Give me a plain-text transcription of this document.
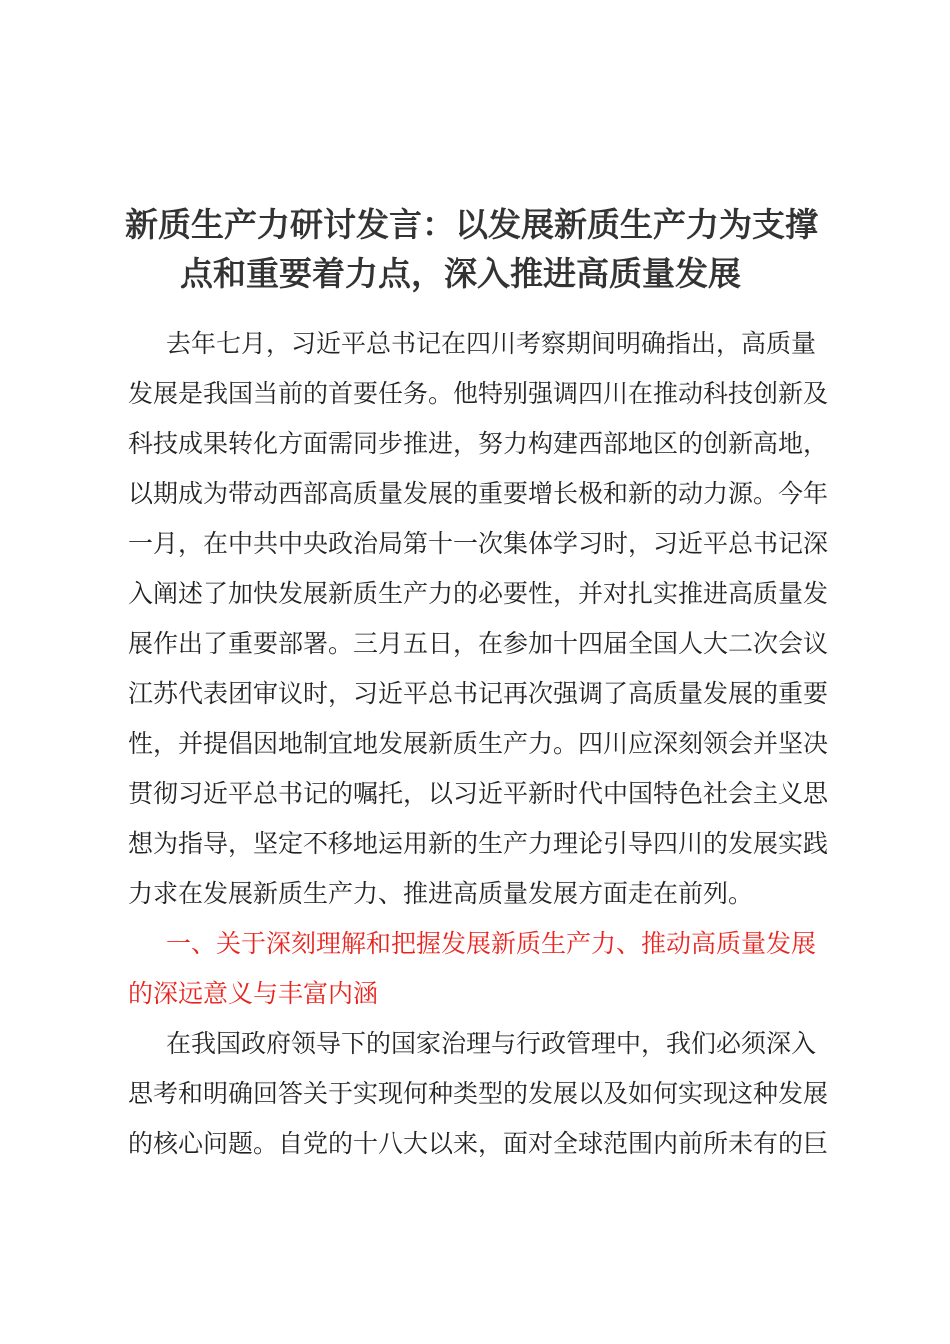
新质生产力研讨发言：以发展新质生产力为支撑
点和重要着力点，深入推进高质量发展
去年七月，习近平总书记在四川考察期间明确指出，高质量
发展是我国当前的首要任务。他特别强调四川在推动科技创新及
科技成果转化方面需同步推进，努力构建西部地区的创新高地，
以期成为带动西部高质量发展的重要增长极和新的动力源。今年
一月，在中共中央政治局第十一次集体学习时，习近平总书记深
入阐述了加快发展新质生产力的必要性，并对扎实推进高质量发
展作出了重要部署。三月五日，在参加十四届全国人大二次会议
江苏代表团审议时，习近平总书记再次强调了高质量发展的重要
性，并提倡因地制宜地发展新质生产力。四川应深刻领会并坚决
贯彻习近平总书记的嘱托，以习近平新时代中国特色社会主义思
想为指导，坚定不移地运用新的生产力理论引导四川的发展实践
力求在发展新质生产力、推进高质量发展方面走在前列。
一、关于深刻理解和把握发展新质生产力、推动高质量发展
的深远意义与丰富内涵
在我国政府领导下的国家治理与行政管理中，我们必须深入
思考和明确回答关于实现何种类型的发展以及如何实现这种发展
的核心问题。自党的十八大以来，面对全球范围内前所未有的巨
